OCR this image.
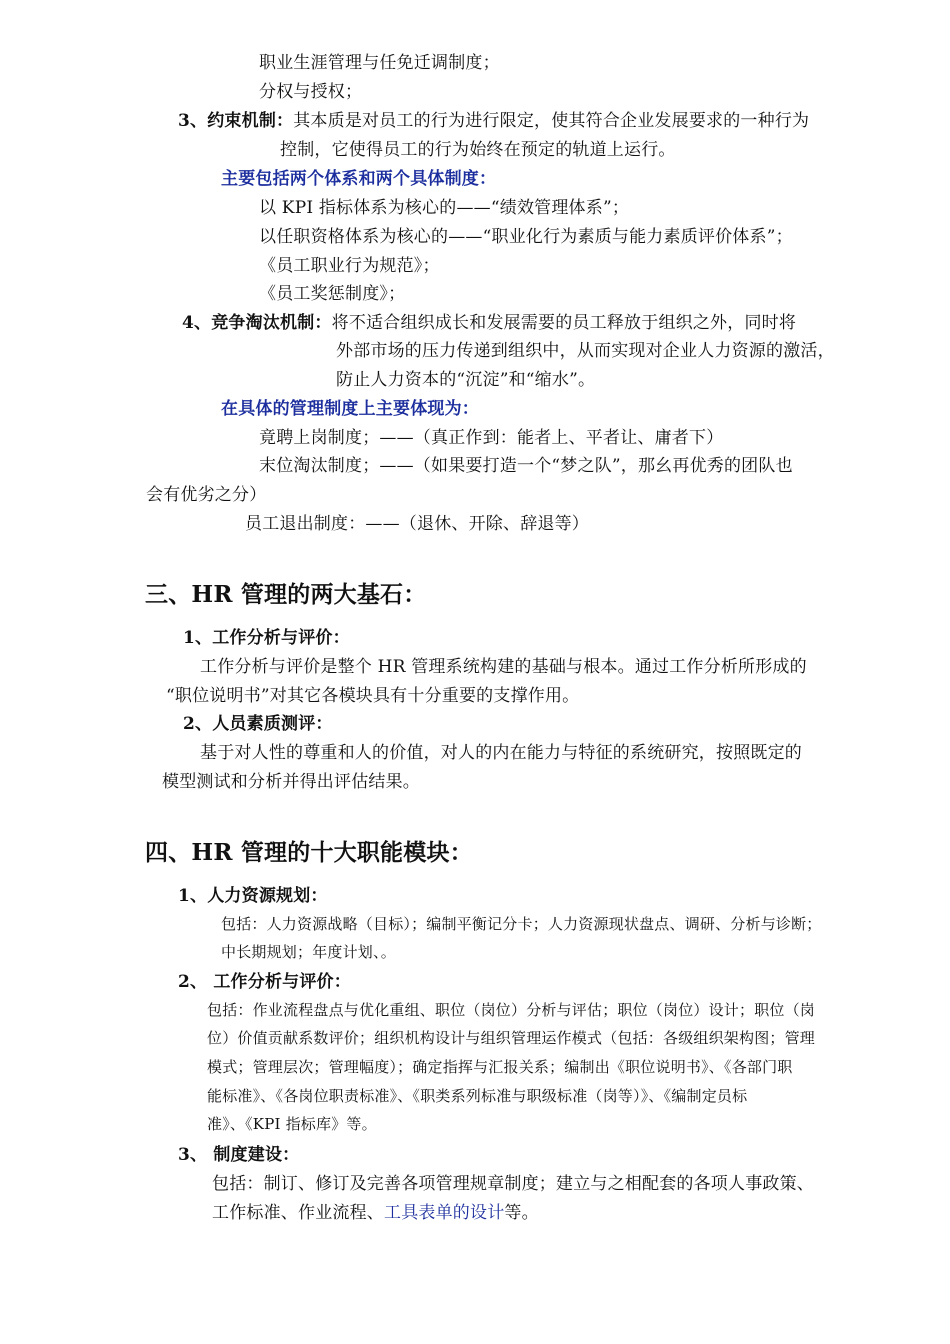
职业生涯管理与任免迁调制度；
分权与授权；
3、约束机制：其本质是对员工的行为进行限定，使其符合企业发展要求的一种行为
控制，它使得员工的行为始终在预定的轨道上运行。
主要包括两个体系和两个具体制度：
以 KPI 指标体系为核心的——“绩效管理体系”；
以任职资格体系为核心的——“职业化行为素质与能力素质评价体系”；
《员工职业行为规范》；
《员工奖惩制度》；
4、竞争淘汰机制：将不适合组织成长和发展需要的员工释放于组织之外，同时将
外部市场的压力传递到组织中，从而实现对企业人力资源的激活，
防止人力资本的“沉淀”和“缩水”。
在具体的管理制度上主要体现为：
竟聘上岗制度；——（真正作到：能者上、平者让、庸者下）
末位淘汰制度；——（如果要打造一个“梦之队”，那幺再优秀的团队也
会有优劣之分）
员工退出制度：——（退休、开除、辞退等）
三、HR 管理的两大基石：
1、工作分析与评价：
工作分析与评价是整个 HR 管理系统构建的基础与根本。通过工作分析所形成的
“职位说明书”对其它各模块具有十分重要的支撑作用。
2、人员素质测评：
基于对人性的尊重和人的价值，对人的内在能力与特征的系统研究，按照既定的
模型测试和分析并得出评估结果。
四、HR 管理的十大职能模块：
1、人力资源规划：
包括：人力资源战略（目标）；编制平衡记分卡；人力资源现状盘点、调研、分析与诊断；
中长期规划；年度计划、。
2、 工作分析与评价：
包括：作业流程盘点与优化重组、职位（岗位）分析与评估；职位（岗位）设计；职位（岗
位）价值贡献系数评价；组织机构设计与组织管理运作模式（包括：各级组织架构图；管理
模式；管理层次；管理幅度）；确定指挥与汇报关系；编制出《职位说明书》、《各部门职
能标准》、《各岗位职责标准》、《职类系列标准与职级标准（岗等）》、《编制定员标
准》、《KPI 指标库》等。
3、 制度建设：
包括：制订、修订及完善各项管理规章制度；建立与之相配套的各项人事政策、
工作标准、作业流程、工具表单的设计等。
